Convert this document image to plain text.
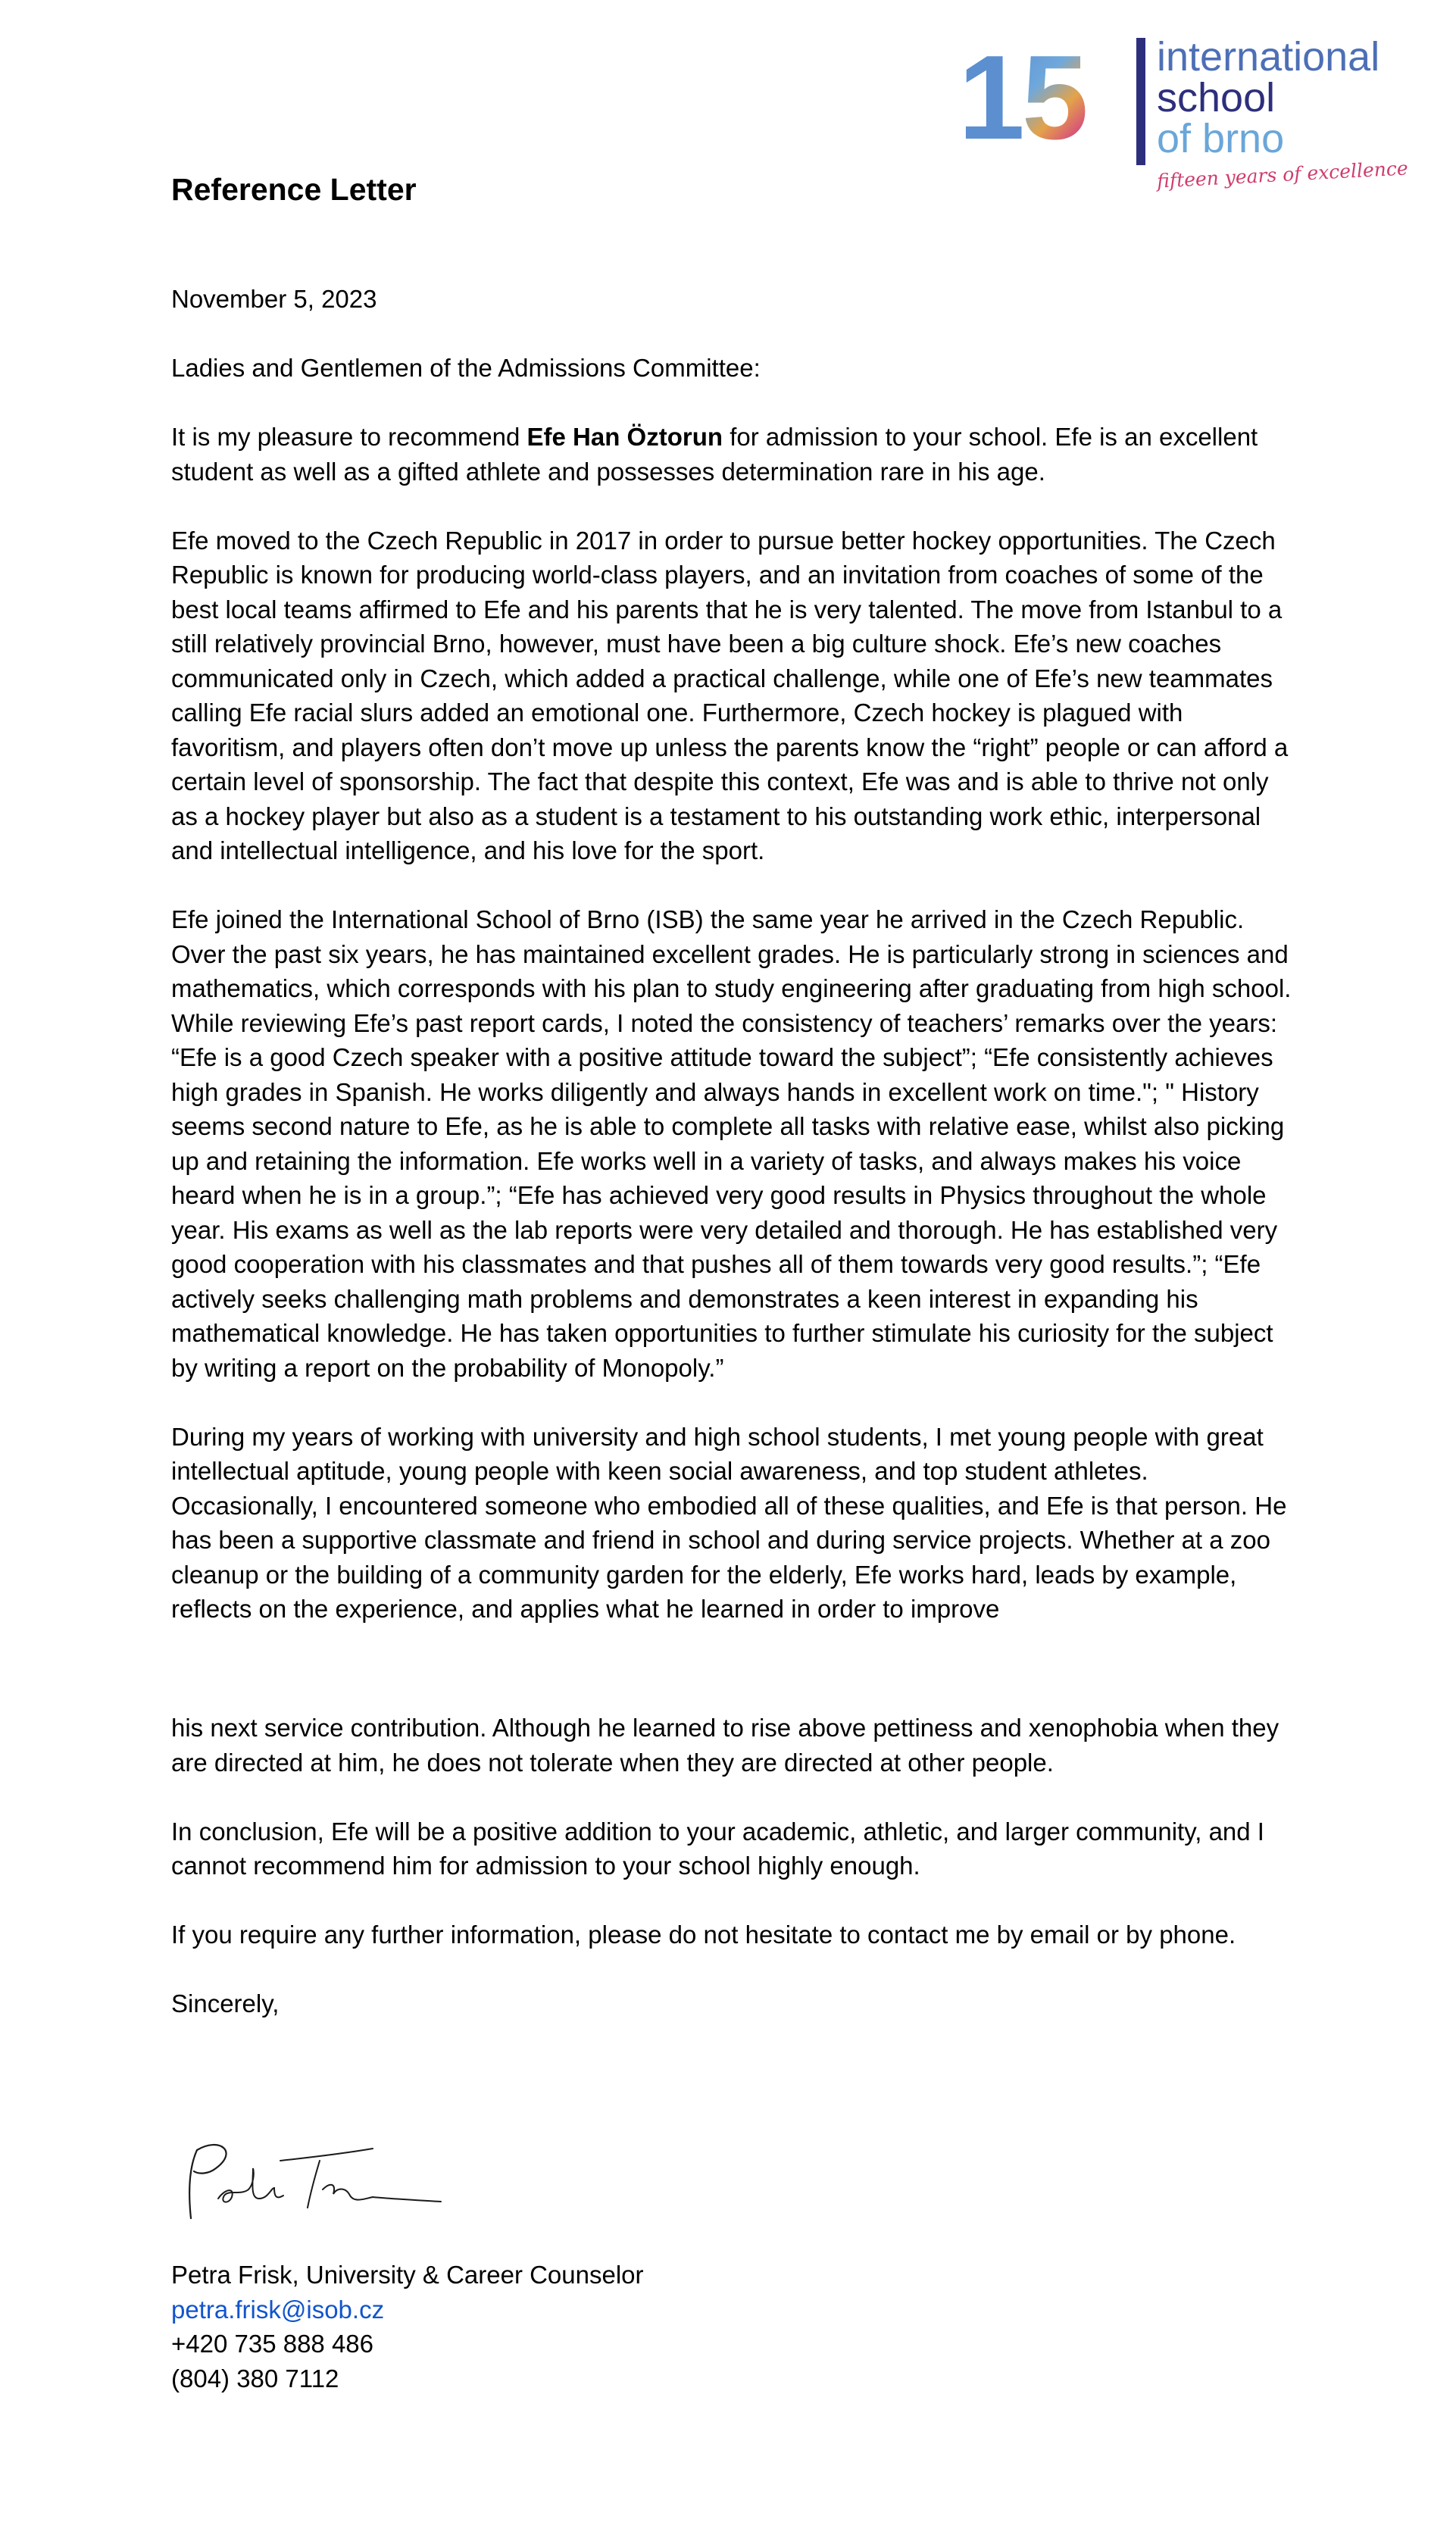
15 international
school
of brno
fifteen years of excellence
Reference Letter

November 5, 2023

Ladies and Gentlemen of the Admissions Committee:

It is my pleasure to recommend Efe Han Öztorun for admission to your school. Efe is an excellent student as well as a gifted athlete and possesses determination rare in his age.

Efe moved to the Czech Republic in 2017 in order to pursue better hockey opportunities. The Czech Republic is known for producing world-class players, and an invitation from coaches of some of the best local teams affirmed to Efe and his parents that he is very talented. The move from Istanbul to a still relatively provincial Brno, however, must have been a big culture shock. Efe’s new coaches communicated only in Czech, which added a practical challenge, while one of Efe’s new teammates calling Efe racial slurs added an emotional one. Furthermore, Czech hockey is plagued with favoritism, and players often don’t move up unless the parents know the “right” people or can afford a certain level of sponsorship. The fact that despite this context, Efe was and is able to thrive not only as a hockey player but also as a student is a testament to his outstanding work ethic, interpersonal and intellectual intelligence, and his love for the sport.

Efe joined the International School of Brno (ISB) the same year he arrived in the Czech Republic. Over the past six years, he has maintained excellent grades. He is particularly strong in sciences and mathematics, which corresponds with his plan to study engineering after graduating from high school. While reviewing Efe’s past report cards, I noted the consistency of teachers’ remarks over the years: “Efe is a good Czech speaker with a positive attitude toward the subject”; “Efe consistently achieves high grades in Spanish. He works diligently and always hands in excellent work on time."; " History seems second nature to Efe, as he is able to complete all tasks with relative ease, whilst also picking up and retaining the information. Efe works well in a variety of tasks, and always makes his voice heard when he is in a group.”; “Efe has achieved very good results in Physics throughout the whole year. His exams as well as the lab reports were very detailed and thorough. He has established very good cooperation with his classmates and that pushes all of them towards very good results.”; “Efe actively seeks challenging math problems and demonstrates a keen interest in expanding his mathematical knowledge. He has taken opportunities to further stimulate his curiosity for the subject by writing a report on the probability of Monopoly.”

During my years of working with university and high school students, I met young people with great intellectual aptitude, young people with keen social awareness, and top student athletes. Occasionally, I encountered someone who embodied all of these qualities, and Efe is that person. He has been a supportive classmate and friend in school and during service projects. Whether at a zoo cleanup or the building of a community garden for the elderly, Efe works hard, leads by example, reflects on the experience, and applies what he learned in order to improve

his next service contribution. Although he learned to rise above pettiness and xenophobia when they are directed at him, he does not tolerate when they are directed at other people.

In conclusion, Efe will be a positive addition to your academic, athletic, and larger community, and I cannot recommend him for admission to your school highly enough.

If you require any further information, please do not hesitate to contact me by email or by phone.

Sincerely,

Petra Frisk, University & Career Counselor
petra.frisk@isob.cz
+420 735 888 486
(804) 380 7112
